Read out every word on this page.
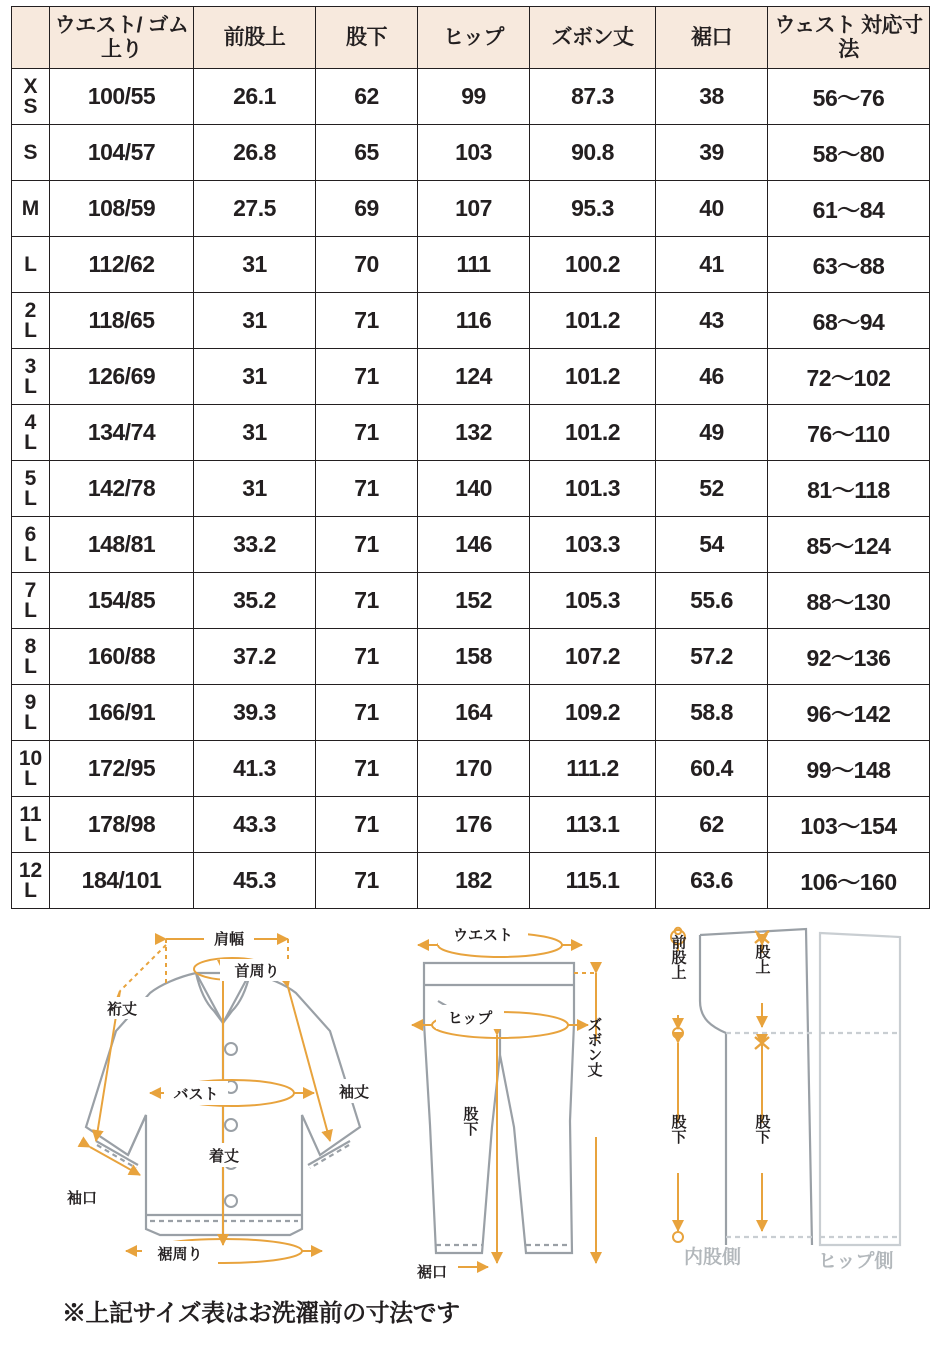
	ウエスト/ ゴム上り	前股上	股下	ヒップ	ズボン丈	裾口	ウェスト 対応寸法

X
S	100/55	26.1	62	99	87.3	38	56〜76

S	104/57	26.8	65	103	90.8	39	58〜80

M	108/59	27.5	69	107	95.3	40	61〜84

L	112/62	31	70	111	100.2	41	63〜88

2
L	118/65	31	71	116	101.2	43	68〜94

3
L	126/69	31	71	124	101.2	46	72〜102

4
L	134/74	31	71	132	101.2	49	76〜110

5
L	142/78	31	71	140	101.3	52	81〜118

6
L	148/81	33.2	71	146	103.3	54	85〜124

7
L	154/85	35.2	71	152	105.3	55.6	88〜130

8
L	160/88	37.2	71	158	107.2	57.2	92〜136

9
L	166/91	39.3	71	164	109.2	58.8	96〜142

10
L	172/95	41.3	71	170	111.2	60.4	99〜148

11
L	178/98	43.3	71	176	113.1	62	103〜154

12
L	184/101	45.3	71	182	115.1	63.6	106〜160
肩幅
首周り
裄丈
バスト	袖丈
着丈
袖口
裾周り
ウエスト
ヒップ
股下
ズボン丈
裾口
前股上	股上
股下	股下
内股側	ヒップ側
※上記サイズ表はお洗濯前の寸法です
